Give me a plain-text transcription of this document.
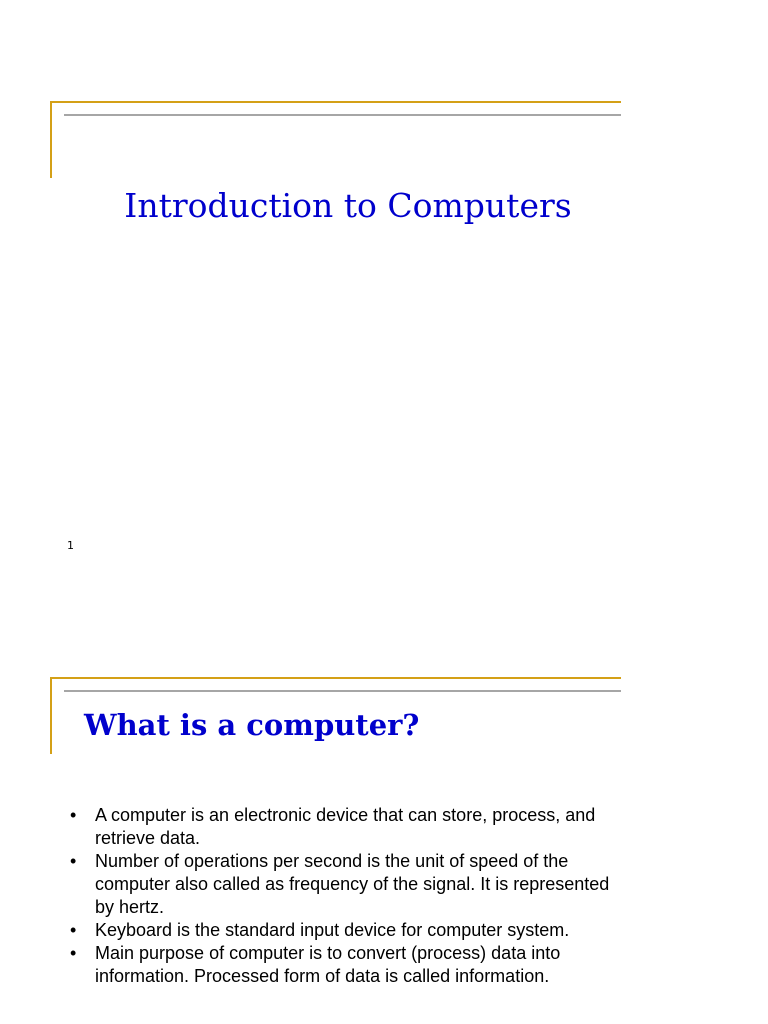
Introduction to Computers
1
What is a computer?
• A computer is an electronic device that can store, process, and retrieve data.
• Number of operations per second is the unit of speed of the computer also called as frequency of the signal. It is represented by hertz.
• Keyboard is the standard input device for computer system.
• Main purpose of computer is to convert (process) data into information. Processed form of data is called information.
